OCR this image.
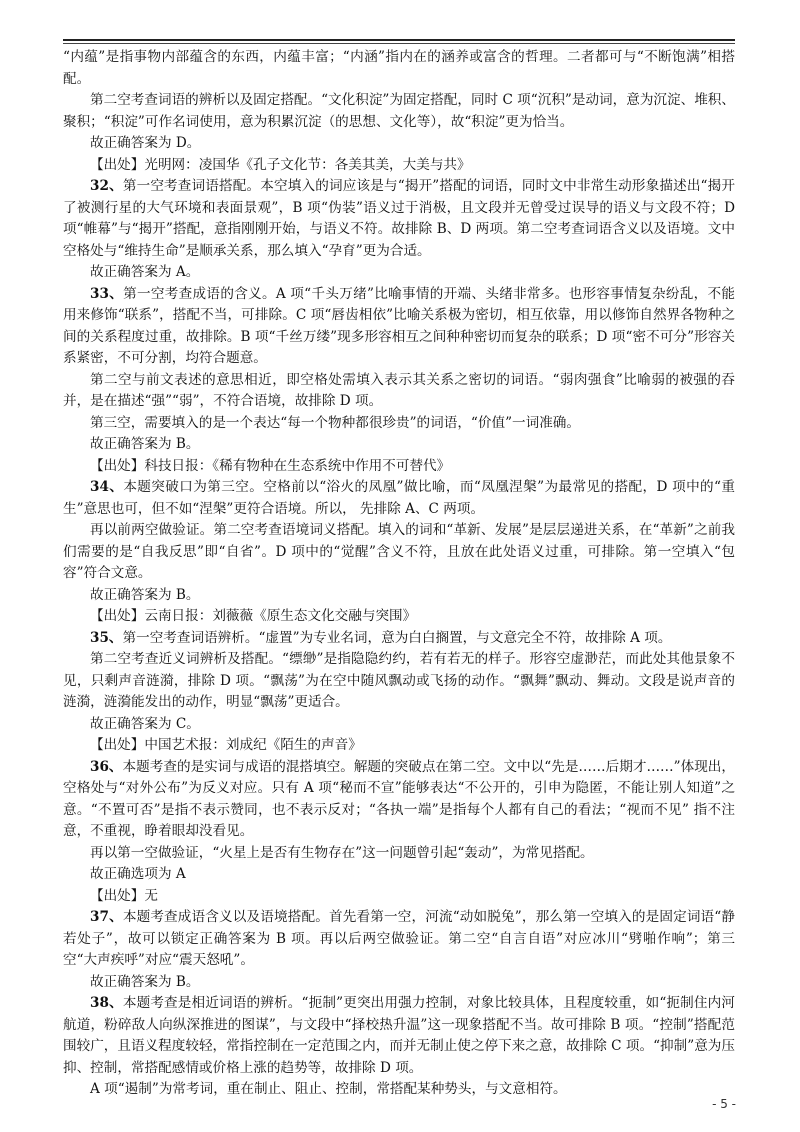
“内蕴”是指事物内部蕴含的东西，内蕴丰富；“内涵”指内在的涵养或富含的哲理。二者都可与“不断饱满”相搭配。

第二空考查词语的辨析以及固定搭配。“文化积淀”为固定搭配，同时 C 项“沉积”是动词，意为沉淀、堆积、聚积；“积淀”可作名词使用，意为积累沉淀（的思想、文化等），故“积淀”更为恰当。

故正确答案为 D。

【出处】光明网：凌国华《孔子文化节：各美其美，大美与共》

32、第一空考查词语搭配。本空填入的词应该是与“揭开”搭配的词语，同时文中非常生动形象描述出“揭开了被测行星的大气环境和表面景观”，B 项“伪装”语义过于消极，且文段并无曾受过误导的语义与文段不符；D 项“帷幕”与“揭开”搭配，意指刚刚开始，与语义不符。故排除 B、D 两项。第二空考查词语含义以及语境。文中空格处与“维持生命”是顺承关系，那么填入“孕育”更为合适。

故正确答案为 A。

33、第一空考查成语的含义。A 项“千头万绪”比喻事情的开端、头绪非常多。也形容事情复杂纷乱，不能用来修饰“联系”，搭配不当，可排除。C 项“唇齿相依”比喻关系极为密切，相互依靠，用以修饰自然界各物种之间的关系程度过重，故排除。B 项“千丝万缕”现多形容相互之间种种密切而复杂的联系；D 项“密不可分”形容关系紧密，不可分割，均符合题意。

第二空与前文表述的意思相近，即空格处需填入表示其关系之密切的词语。“弱肉强食”比喻弱的被强的吞并，是在描述“强”“弱”，不符合语境，故排除 D 项。

第三空，需要填入的是一个表达“每一个物种都很珍贵”的词语，“价值”一词准确。

故正确答案为 B。

【出处】科技日报：《稀有物种在生态系统中作用不可替代》

34、本题突破口为第三空。空格前以“浴火的凤凰”做比喻，而“凤凰涅槃”为最常见的搭配，D 项中的“重生”意思也可，但不如“涅槃”更符合语境。所以， 先排除 A、C 两项。

再以前两空做验证。第二空考查语境词义搭配。填入的词和“革新、发展”是层层递进关系，在“革新”之前我们需要的是“自我反思”即“自省”。D 项中的“觉醒”含义不符，且放在此处语义过重，可排除。第一空填入“包容”符合文意。

故正确答案为 B。

【出处】云南日报：刘薇薇《原生态文化交融与突围》

35、第一空考查词语辨析。“虚置”为专业名词，意为白白搁置，与文意完全不符，故排除 A 项。

第二空考查近义词辨析及搭配。“缥缈”是指隐隐约约，若有若无的样子。形容空虚渺茫，而此处其他景象不见，只剩声音涟漪，排除 D 项。“飘荡”为在空中随风飘动或飞扬的动作。“飘舞”飘动、舞动。文段是说声音的涟漪，涟漪能发出的动作，明显“飘荡”更适合。

故正确答案为 C。

【出处】中国艺术报：刘成纪《陌生的声音》

36、本题考查的是实词与成语的混搭填空。解题的突破点在第二空。文中以“先是……后期才……”体现出，空格处与“对外公布”为反义对应。只有 A 项“秘而不宣”能够表达“不公开的，引申为隐匿，不能让别人知道”之意。“不置可否”是指不表示赞同，也不表示反对；“各执一端”是指每个人都有自己的看法；“视而不见” 指不注意，不重视，睁着眼却没看见。

再以第一空做验证，“火星上是否有生物存在”这一问题曾引起“轰动”，为常见搭配。

故正确选项为 A

【出处】无

37、本题考查成语含义以及语境搭配。首先看第一空，河流“动如脱兔”，那么第一空填入的是固定词语“静若处子”，故可以锁定正确答案为 B 项。再以后两空做验证。第二空“自言自语”对应冰川“劈啪作响”；第三空“大声疾呼”对应“震天怒吼”。

故正确答案为 B。

38、本题考查是相近词语的辨析。“扼制”更突出用强力控制，对象比较具体，且程度较重，如“扼制住内河航道，粉碎敌人向纵深推进的图谋”，与文段中“择校热升温”这一现象搭配不当。故可排除 B 项。“控制”搭配范围较广，且语义程度较轻，常指控制在一定范围之内，而并无制止使之停下来之意，故排除 C 项。“抑制”意为压抑、控制，常搭配感情或价格上涨的趋势等，故排除 D 项。

A 项“遏制”为常考词，重在制止、阻止、控制，常搭配某种势头，与文意相符。

- 5 -
